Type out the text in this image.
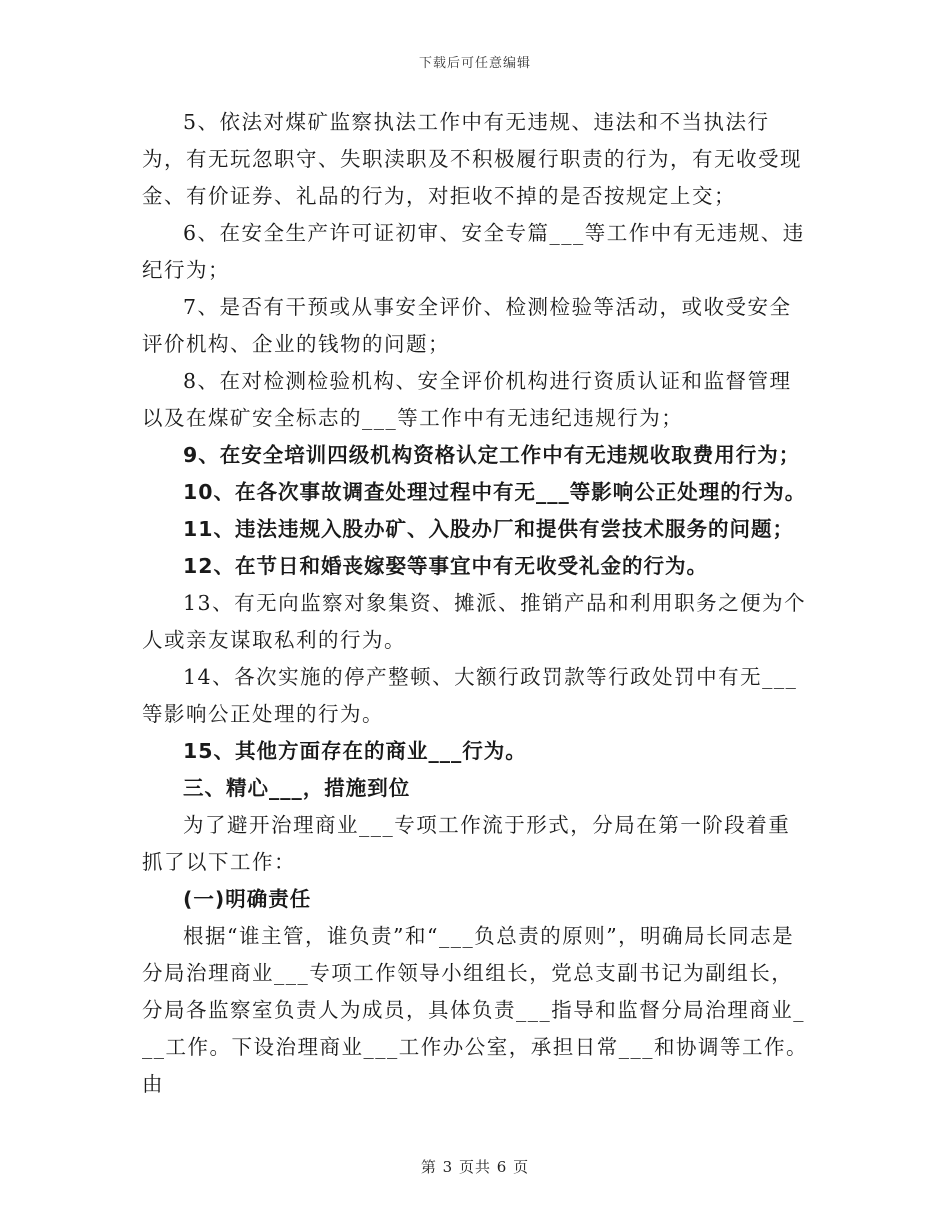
下载后可任意编辑

5、依法对煤矿监察执法工作中有无违规、违法和不当执法行为，有无玩忽职守、失职渎职及不积极履行职责的行为，有无收受现金、有价证券、礼品的行为，对拒收不掉的是否按规定上交；

6、在安全生产许可证初审、安全专篇___等工作中有无违规、违纪行为；

7、是否有干预或从事安全评价、检测检验等活动，或收受安全评价机构、企业的钱物的问题；

8、在对检测检验机构、安全评价机构进行资质认证和监督管理以及在煤矿安全标志的___等工作中有无违纪违规行为；

9、在安全培训四级机构资格认定工作中有无违规收取费用行为；

10、在各次事故调查处理过程中有无___等影响公正处理的行为。

11、违法违规入股办矿、入股办厂和提供有尝技术服务的问题；

12、在节日和婚丧嫁娶等事宜中有无收受礼金的行为。

13、有无向监察对象集资、摊派、推销产品和利用职务之便为个人或亲友谋取私利的行为。

14、各次实施的停产整顿、大额行政罚款等行政处罚中有无___等影响公正处理的行为。

15、其他方面存在的商业___行为。

三、精心___，措施到位

为了避开治理商业___专项工作流于形式，分局在第一阶段着重抓了以下工作：

(一)明确责任

根据“谁主管，谁负责”和“___负总责的原则”，明确局长同志是分局治理商业___专项工作领导小组组长，党总支副书记为副组长，分局各监察室负责人为成员，具体负责___指导和监督分局治理商业___工作。下设治理商业___工作办公室，承担日常___和协调等工作。由

第 3 页共 6 页
